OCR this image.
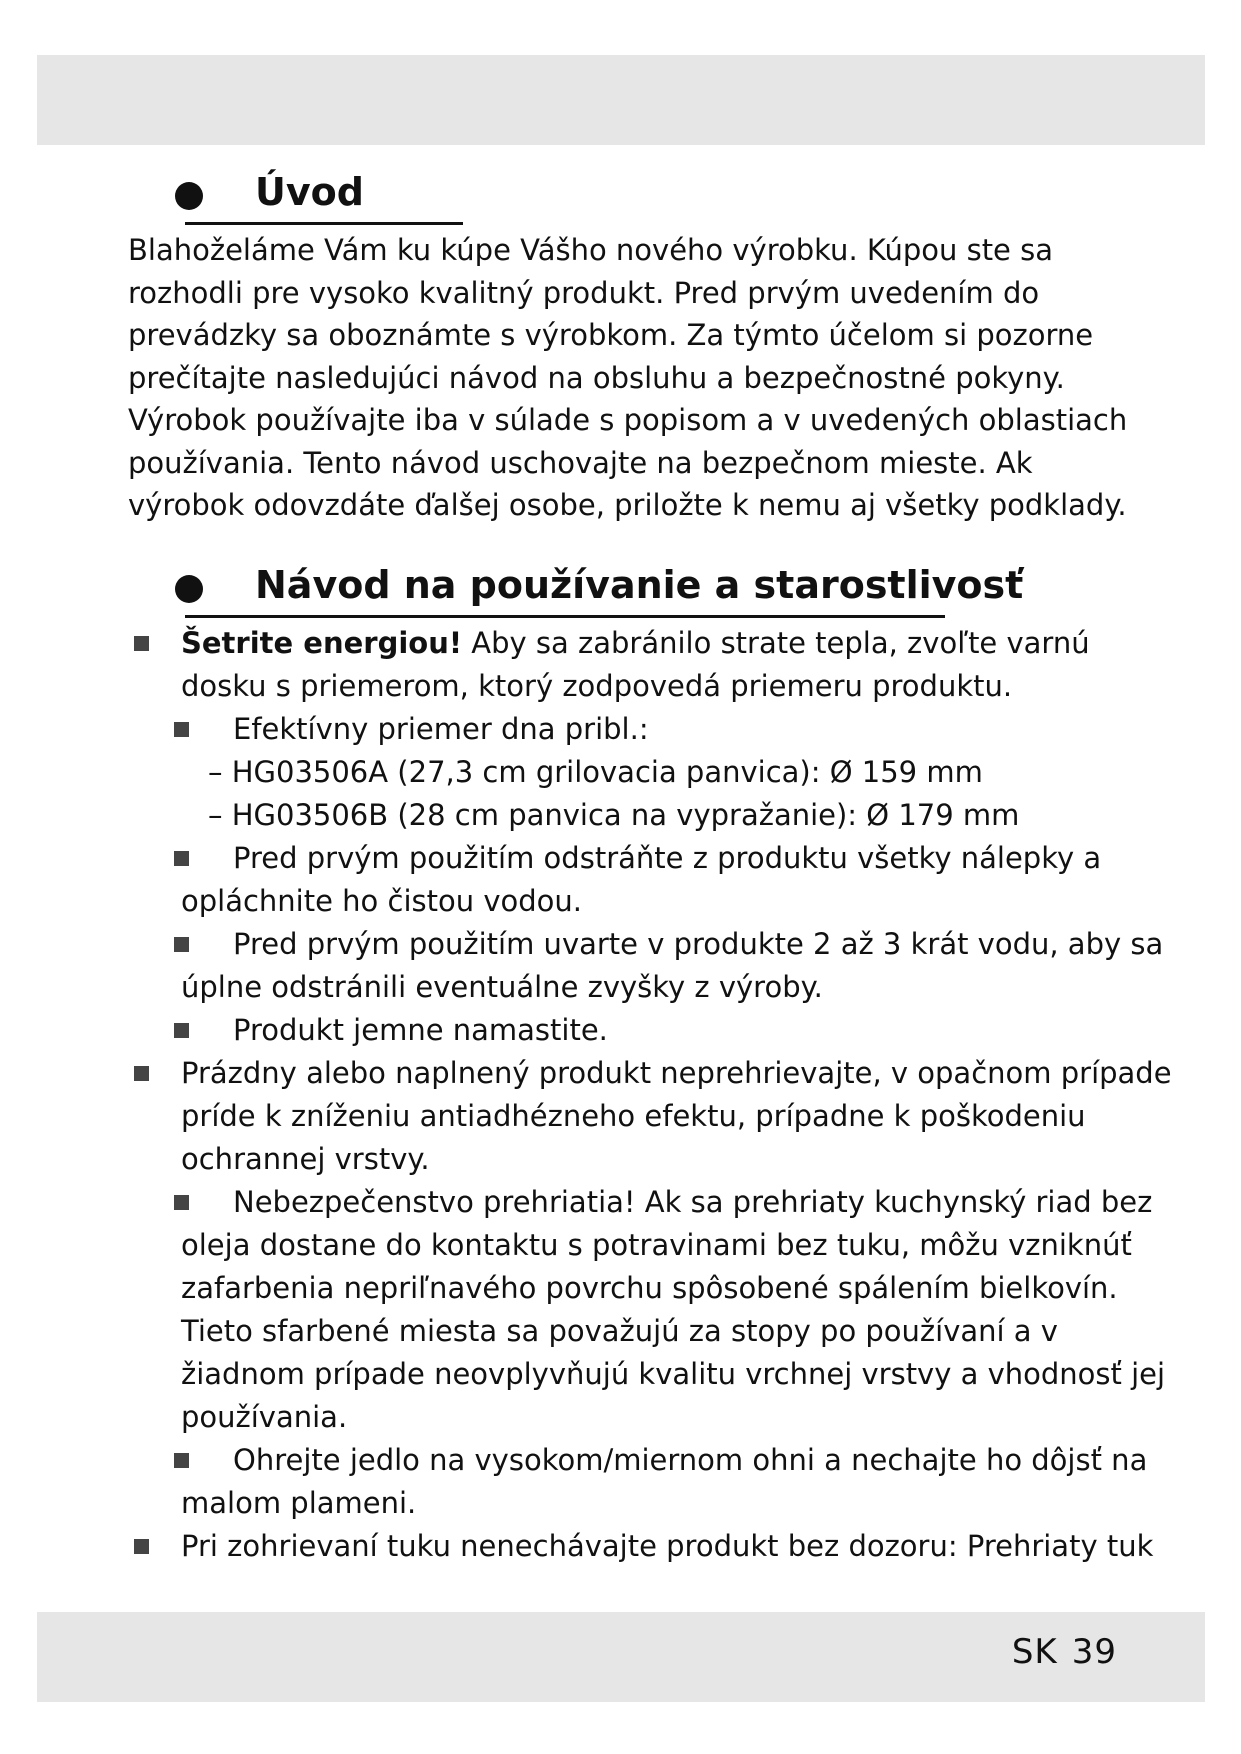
Úvod

Blahoželáme Vám ku kúpe Vášho nového výrobku. Kúpou ste sa rozhodli pre vysoko kvalitný produkt. Pred prvým uvedením do prevádzky sa oboznámte s výrobkom. Za týmto účelom si pozorne prečítajte nasledujúci návod na obsluhu a bezpečnostné pokyny. Výrobok používajte iba v súlade s popisom a v uvedených oblastiach používania. Tento návod uschovajte na bezpečnom mieste. Ak výrobok odovzdáte ďalšej osobe, priložte k nemu aj všetky podklady.

Návod na používanie a starostlivosť
Šetrite energiou! Aby sa zabránilo strate tepla, zvoľte varnú
dosku s priemerom, ktorý zodpovedá priemeru produktu.
Efektívny priemer dna pribl.:
– HG03506A (27,3 cm grilovacia panvica): Ø 159 mm
– HG03506B (28 cm panvica na vypražanie): Ø 179 mm
Pred prvým použitím odstráňte z produktu všetky nálepky a
opláchnite ho čistou vodou.
Pred prvým použitím uvarte v produkte 2 až 3 krát vodu, aby sa
úplne odstránili eventuálne zvyšky z výroby.
Produkt jemne namastite.
Prázdny alebo naplnený produkt neprehrievajte, v opačnom prípade
príde k zníženiu antiadhézneho efektu, prípadne k poškodeniu
ochrannej vrstvy.
Nebezpečenstvo prehriatia! Ak sa prehriaty kuchynský riad bez
oleja dostane do kontaktu s potravinami bez tuku, môžu vzniknúť
zafarbenia nepriľnavého povrchu spôsobené spálením bielkovín.
Tieto sfarbené miesta sa považujú za stopy po používaní a v
žiadnom prípade neovplyvňujú kvalitu vrchnej vrstvy a vhodnosť jej
používania.
Ohrejte jedlo na vysokom/miernom ohni a nechajte ho dôjsť na
malom plameni.
Pri zohrievaní tuku nenechávajte produkt bez dozoru: Prehriaty tuk
SK 39
